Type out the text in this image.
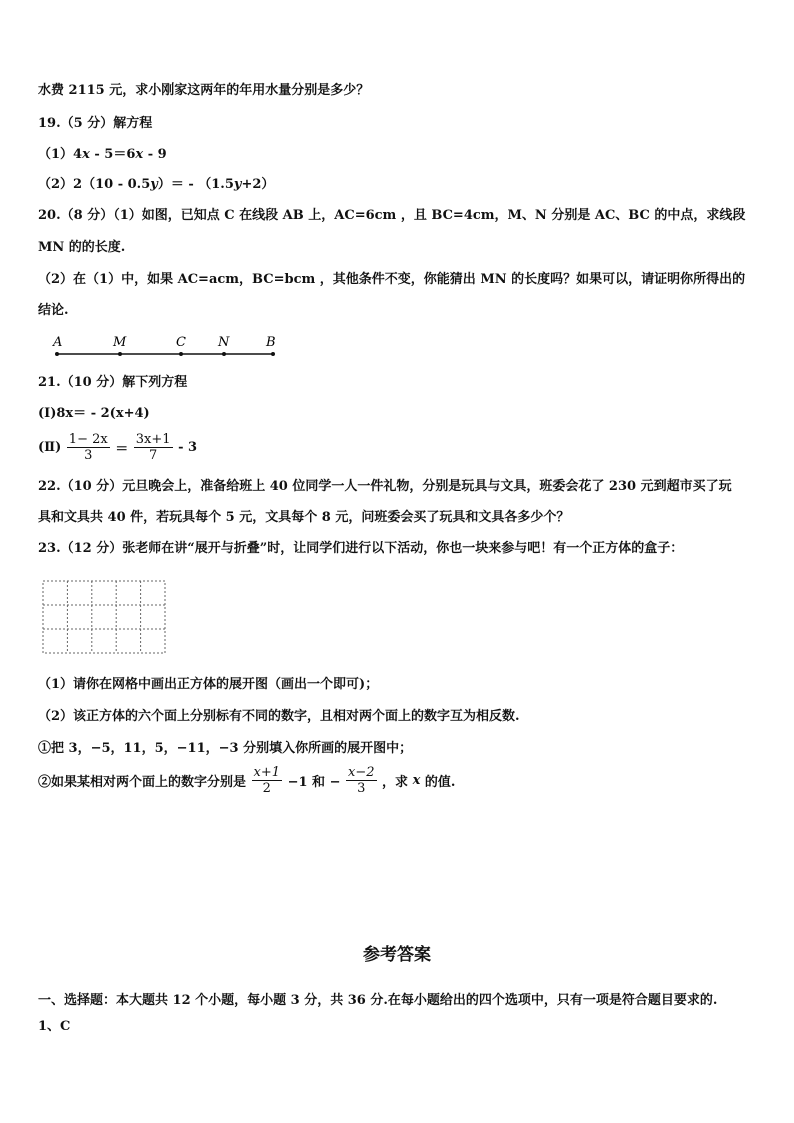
水费 2115 元，求小刚家这两年的年用水量分别是多少？
19.（5 分）解方程
（1）4x - 5＝6x - 9
（2）2（10 - 0.5y）＝ - （1.5y+2）
20.（8 分）（1）如图，已知点 C 在线段 AB 上，AC=6cm ，且 BC=4cm，M、N 分别是 AC、BC 的中点，求线段
MN 的的长度.
（2）在（1）中，如果 AC=acm，BC=bcm ，其他条件不变，你能猜出 MN 的长度吗？如果可以，请证明你所得出的
结论.
A	M	C N	B
21.（10 分）解下列方程
(Ⅰ)8x＝ - 2(x+4)
(Ⅱ) $\frac{1- 2x}{3} = \frac{3x+1}{7} - 3$
22.（10 分）元旦晚会上，准备给班上 40 位同学一人一件礼物，分别是玩具与文具，班委会花了 230 元到超市买了玩
具和文具共 40 件，若玩具每个 5 元，文具每个 8 元，问班委会买了玩具和文具各多少个？
23.（12 分）张老师在讲“展开与折叠”时，让同学们进行以下活动，你也一块来参与吧！有一个正方体的盒子：
（1）请你在网格中画出正方体的展开图（画出一个即可)；
（2）该正方体的六个面上分别标有不同的数字，且相对两个面上的数字互为相反数.
①把 3，−5，11，5，−11，−3 分别填入你所画的展开图中；
②如果某相对两个面上的数字分别是 $\frac{x+1}{2} -1$ 和 − $\frac{x-2}{3}$ ，求 x 的值.
参考答案
一、选择题：本大题共 12 个小题，每小题 3 分，共 36 分.在每小题给出的四个选项中，只有一项是符合题目要求的.
1、C
